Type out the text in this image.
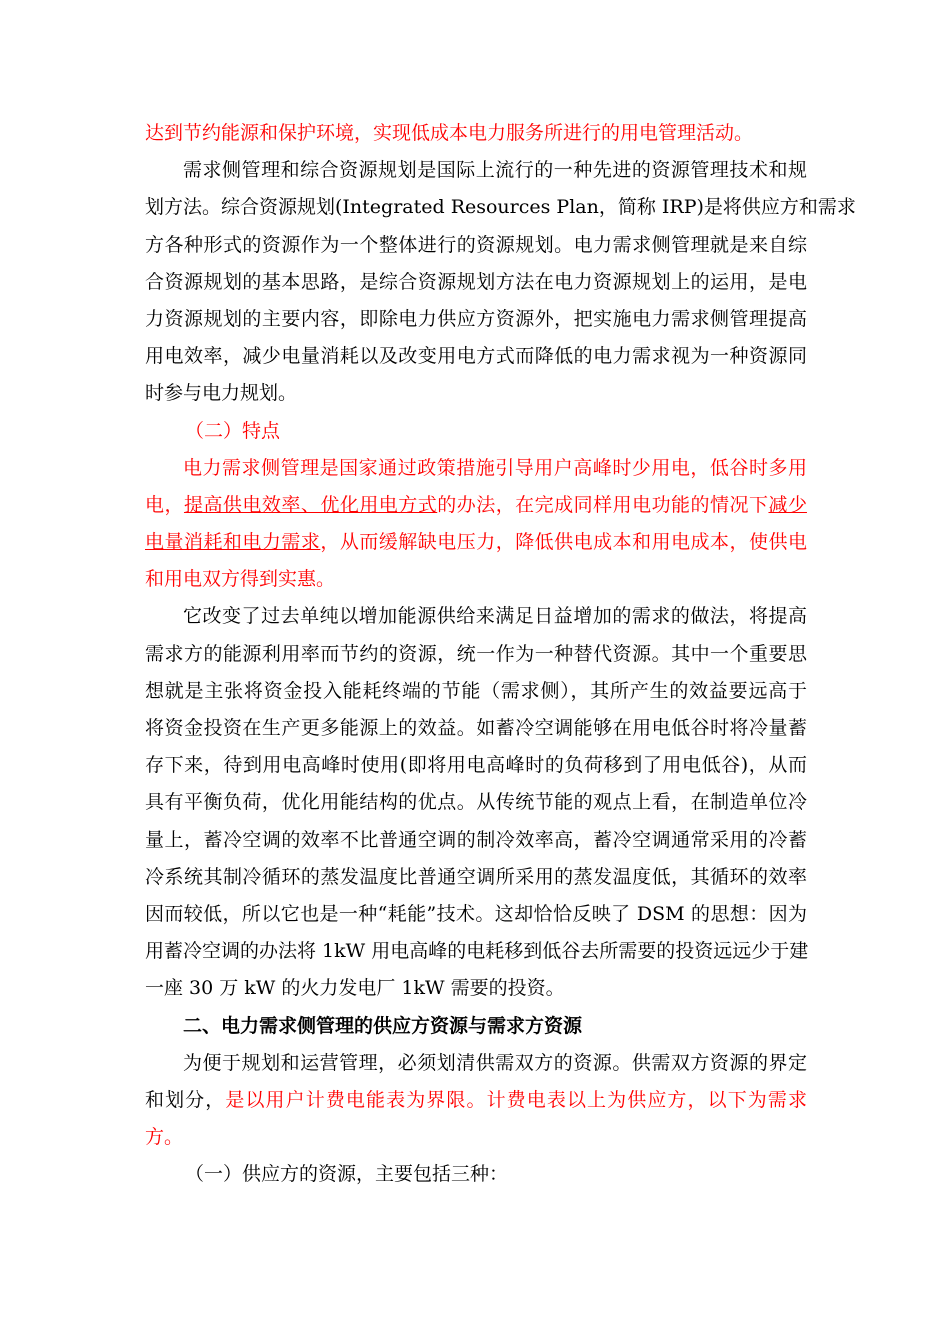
达到节约能源和保护环境，实现低成本电力服务所进行的用电管理活动。
需求侧管理和综合资源规划是国际上流行的一种先进的资源管理技术和规
划方法。综合资源规划(Integrated Resources Plan，简称 IRP)是将供应方和需求
方各种形式的资源作为一个整体进行的资源规划。电力需求侧管理就是来自综
合资源规划的基本思路，是综合资源规划方法在电力资源规划上的运用，是电
力资源规划的主要内容，即除电力供应方资源外，把实施电力需求侧管理提高
用电效率，减少电量消耗以及改变用电方式而降低的电力需求视为一种资源同
时参与电力规划。
（二）特点
电力需求侧管理是国家通过政策措施引导用户高峰时少用电，低谷时多用
电，提高供电效率、优化用电方式的办法，在完成同样用电功能的情况下减少
电量消耗和电力需求，从而缓解缺电压力，降低供电成本和用电成本，使供电
和用电双方得到实惠。
它改变了过去单纯以增加能源供给来满足日益增加的需求的做法，将提高
需求方的能源利用率而节约的资源，统一作为一种替代资源。其中一个重要思
想就是主张将资金投入能耗终端的节能（需求侧），其所产生的效益要远高于
将资金投资在生产更多能源上的效益。如蓄冷空调能够在用电低谷时将冷量蓄
存下来，待到用电高峰时使用(即将用电高峰时的负荷移到了用电低谷)，从而
具有平衡负荷，优化用能结构的优点。从传统节能的观点上看，在制造单位冷
量上，蓄冷空调的效率不比普通空调的制冷效率高，蓄冷空调通常采用的冷蓄
冷系统其制冷循环的蒸发温度比普通空调所采用的蒸发温度低，其循环的效率
因而较低，所以它也是一种“耗能”技术。这却恰恰反映了 DSM 的思想：因为
用蓄冷空调的办法将 1kW 用电高峰的电耗移到低谷去所需要的投资远远少于建
一座 30 万 kW 的火力发电厂 1kW 需要的投资。
二、电力需求侧管理的供应方资源与需求方资源
为便于规划和运营管理，必须划清供需双方的资源。供需双方资源的界定
和划分，是以用户计费电能表为界限。计费电表以上为供应方，以下为需求
方。
（一）供应方的资源，主要包括三种：
